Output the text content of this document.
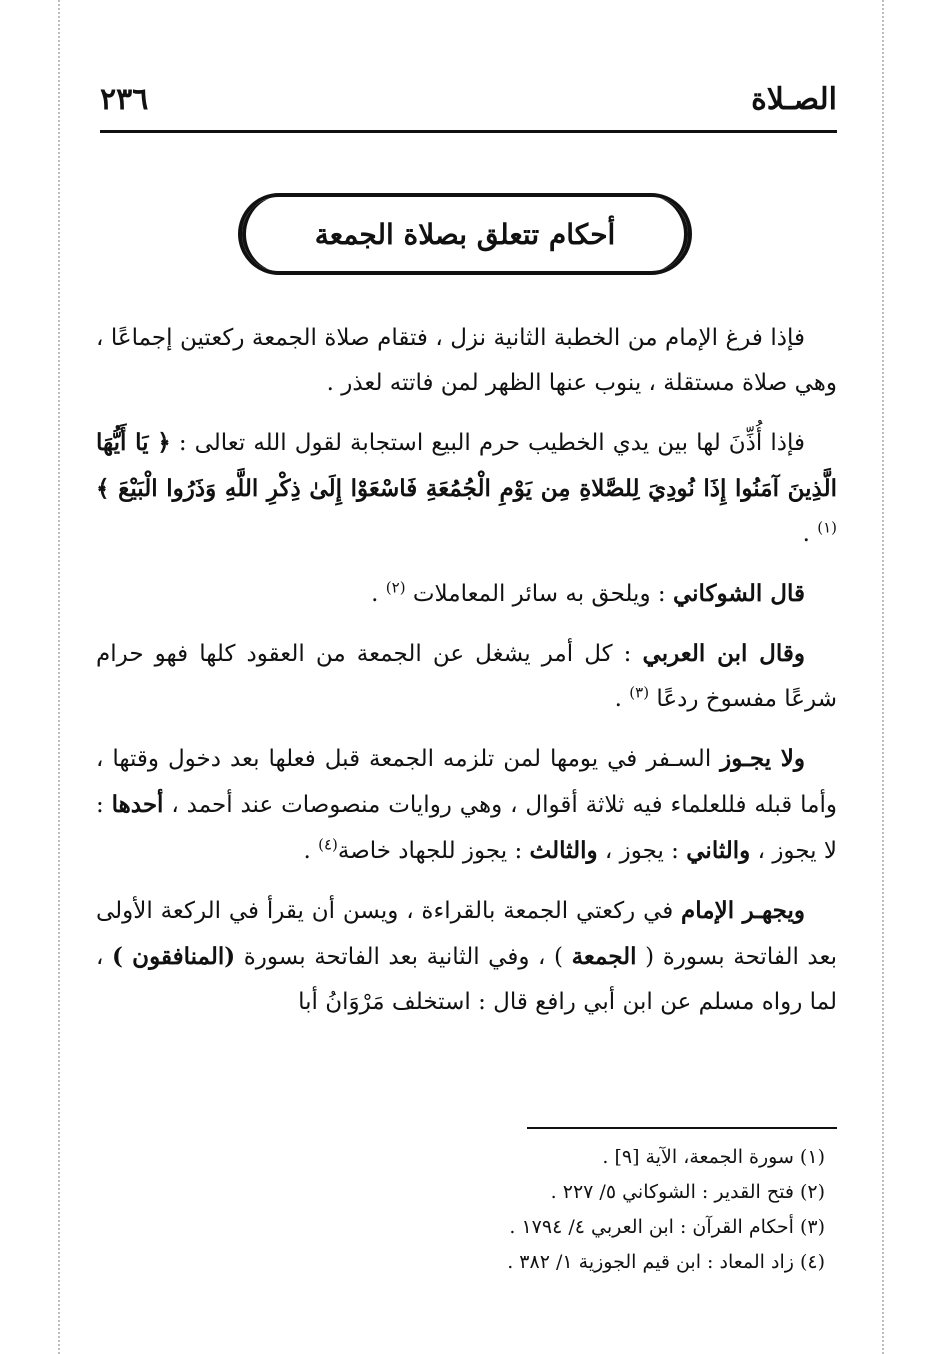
الصـلاة
٢٣٦
أحكام تتعلق بصلاة الجمعة

فإذا فرغ الإمام من الخطبة الثانية نزل ، فتقام صلاة الجمعة ركعتين إجماعًا ، وهي صلاة مستقلة ، ينوب عنها الظهر لمن فاتته لعذر .

فإذا أُذِّنَ لها بين يدي الخطيب حرم البيع استجابة لقول الله تعالى : ﴿ يَا أَيُّهَا الَّذِينَ آمَنُوا إِذَا نُودِيَ لِلصَّلاةِ مِن يَوْمِ الْجُمُعَةِ فَاسْعَوْا إِلَىٰ ذِكْرِ اللَّهِ وَذَرُوا الْبَيْعَ ﴾ $^{(١)}$ .

قال الشوكاني : ويلحق به سائر المعاملات $^{(٢)}$ .

وقال ابن العربي : كل أمر يشغل عن الجمعة من العقود كلها فهو حرام شرعًا مفسوخ ردعًا $^{(٣)}$ .

ولا يجـوز السـفر في يومها لمن تلزمه الجمعة قبل فعلها بعد دخول وقتها ، وأما قبله فللعلماء فيه ثلاثة أقوال ، وهي روايات منصوصات عند أحمد ، أحدها : لا يجوز ، والثاني : يجوز ، والثالث : يجوز للجهاد خاصة$^{(٤)}$ .

ويجهـر الإمام في ركعتي الجمعة بالقراءة ، ويسن أن يقرأ في الركعة الأولى بعد الفاتحة بسورة ( الجمعة ) ، وفي الثانية بعد الفاتحة بسورة (المنافقون ) ، لما رواه مسلم عن ابن أبي رافع قال : استخلف مَرْوَانُ أبا

(١) سورة الجمعة، الآية [٩] .

(٢) فتح القدير : الشوكاني ٥/ ٢٢٧ .

(٣) أحكام القرآن : ابن العربي ٤/ ١٧٩٤ .

(٤) زاد المعاد : ابن قيم الجوزية ١/ ٣٨٢ .
